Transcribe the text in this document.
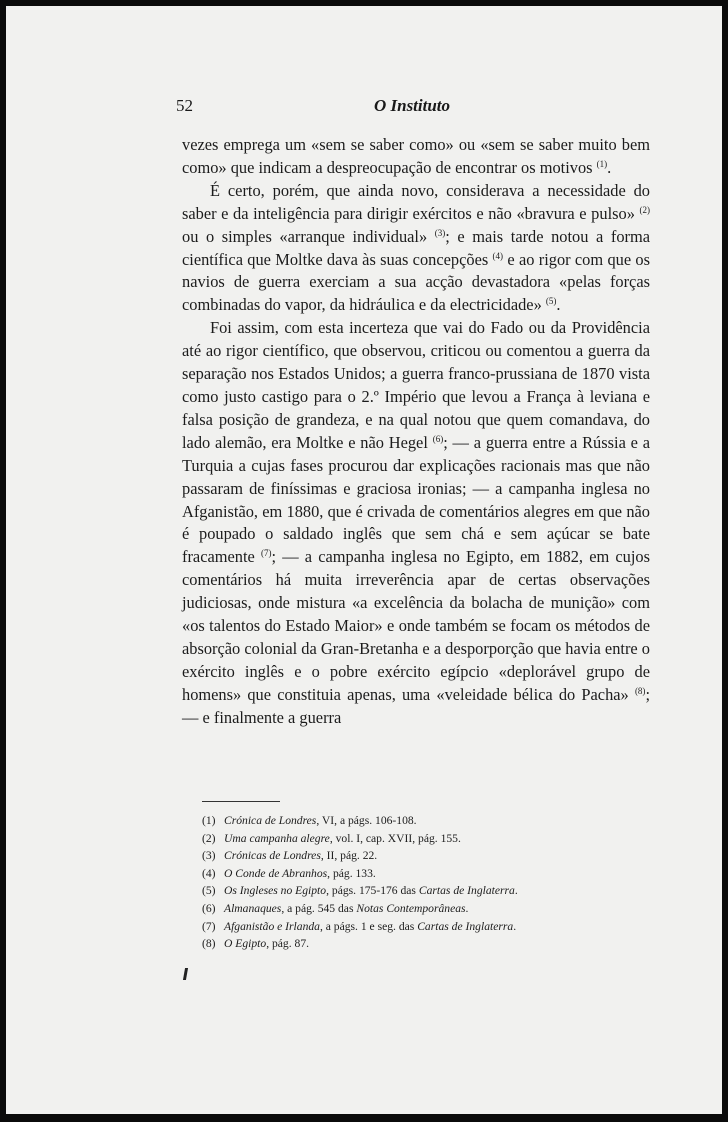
52	O Instituto

vezes emprega um «sem se saber como» ou «sem se saber muito bem como» que indicam a despreocupação de encontrar os motivos $^{(1)}$.

É certo, porém, que ainda novo, considerava a necessidade do saber e da inteligência para dirigir exércitos e não «bravura e pulso» $^{(2)}$ ou o simples «arranque individual» $^{(3)}$; e mais tarde notou a forma científica que Moltke dava às suas concepções $^{(4)}$ e ao rigor com que os navios de guerra exerciam a sua acção devastadora «pelas forças combinadas do vapor, da hidráulica e da electricidade» $^{(5)}$.

Foi assim, com esta incerteza que vai do Fado ou da Providência até ao rigor científico, que observou, criticou ou comentou a guerra da separação nos Estados Unidos; a guerra franco-prussiana de 1870 vista como justo castigo para o 2.º Império que levou a França à leviana e falsa posição de grandeza, e na qual notou que quem comandava, do lado alemão, era Moltke e não Hegel $^{(6)}$; — a guerra entre a Rússia e a Turquia a cujas fases procurou dar explicações racionais mas que não passaram de finíssimas e graciosa ironias; — a campanha inglesa no Afganistão, em 1880, que é crivada de comentários alegres em que não é poupado o saldado inglês que sem chá e sem açúcar se bate fracamente $^{(7)}$; — a campanha inglesa no Egipto, em 1882, em cujos comentários há muita irreverência apar de certas observações judiciosas, onde mistura «a excelência da bolacha de munição» com «os talentos do Estado Maior» e onde também se focam os métodos de absorção colonial da Gran-Bretanha e a desporporção que havia entre o exército inglês e o pobre exército egípcio «deplorável grupo de homens» que constituia apenas, uma «veleidade bélica do Pacha» $^{(8)}$; — e finalmente a guerra

(1) Crónica de Londres, VI, a págs. 106-108.
(2) Uma campanha alegre, vol. I, cap. XVII, pág. 155.
(3) Crónicas de Londres, II, pág. 22.
(4) O Conde de Abranhos, pág. 133.
(5) Os Ingleses no Egipto, págs. 175-176 das Cartas de Inglaterra.
(6) Almanaques, a pág. 545 das Notas Contemporâneas.
(7) Afganistão e Irlanda, a págs. 1 e seg. das Cartas de Inglaterra.
(8) O Egipto, pág. 87.
